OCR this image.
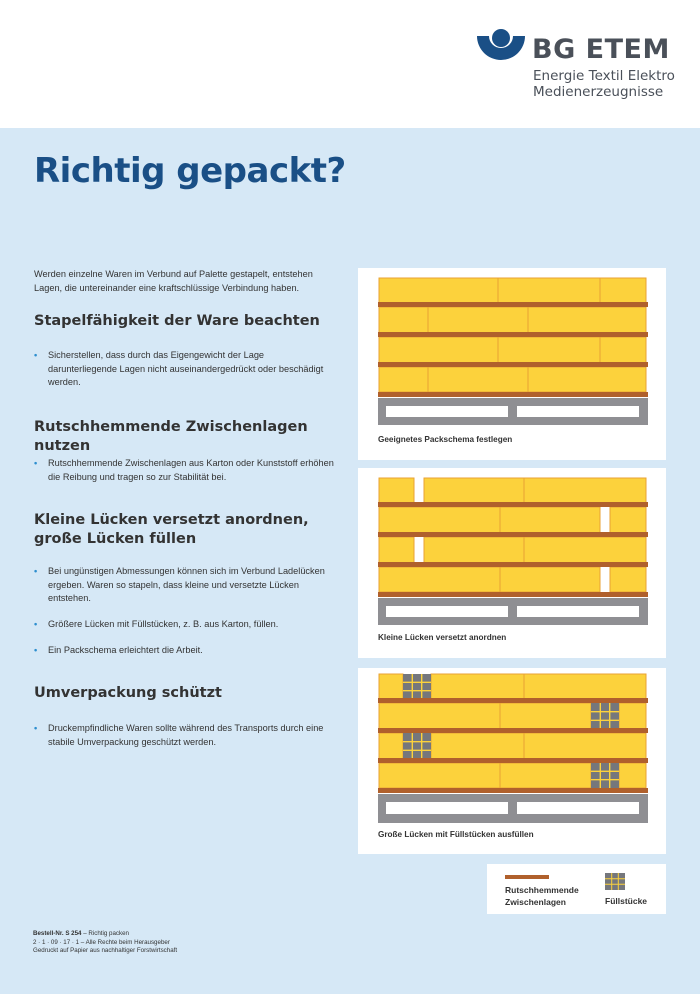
BG ETEM
Energie Textil Elektro
Medienerzeugnisse
Richtig gepackt?
Werden einzelne Waren im Verbund auf Palette gestapelt, entstehen Lagen, die untereinander eine kraftschlüssige Verbindung haben.
Stapelfähigkeit der Ware beachten
• Sicherstellen, dass durch das Eigengewicht der Lage darunterliegende Lagen nicht auseinandergedrückt oder beschädigt werden.
Rutschhemmende Zwischenlagen nutzen
• Rutschhemmende Zwischenlagen aus Karton oder Kunststoff erhöhen die Reibung und tragen so zur Stabilität bei.
Kleine Lücken versetzt anordnen, große Lücken füllen
• Bei ungünstigen Abmessungen können sich im Verbund Ladelücken ergeben. Waren so stapeln, dass kleine und versetzte Lücken entstehen.
• Größere Lücken mit Füllstücken, z. B. aus Karton, füllen.
• Ein Packschema erleichtert die Arbeit.
Umverpackung schützt
• Druckempfindliche Waren sollte während des Transports durch eine stabile Umverpackung geschützt werden.
Geeignetes Packschema festlegen
Kleine Lücken versetzt anordnen
Große Lücken mit Füllstücken ausfüllen
Rutschhemmende Zwischenlagen	Füllstücke
Bestell-Nr. S 254 – Richtig packen
2 · 1 · 09 · 17 · 1 – Alle Rechte beim Herausgeber
Gedruckt auf Papier aus nachhaltiger Forstwirtschaft
